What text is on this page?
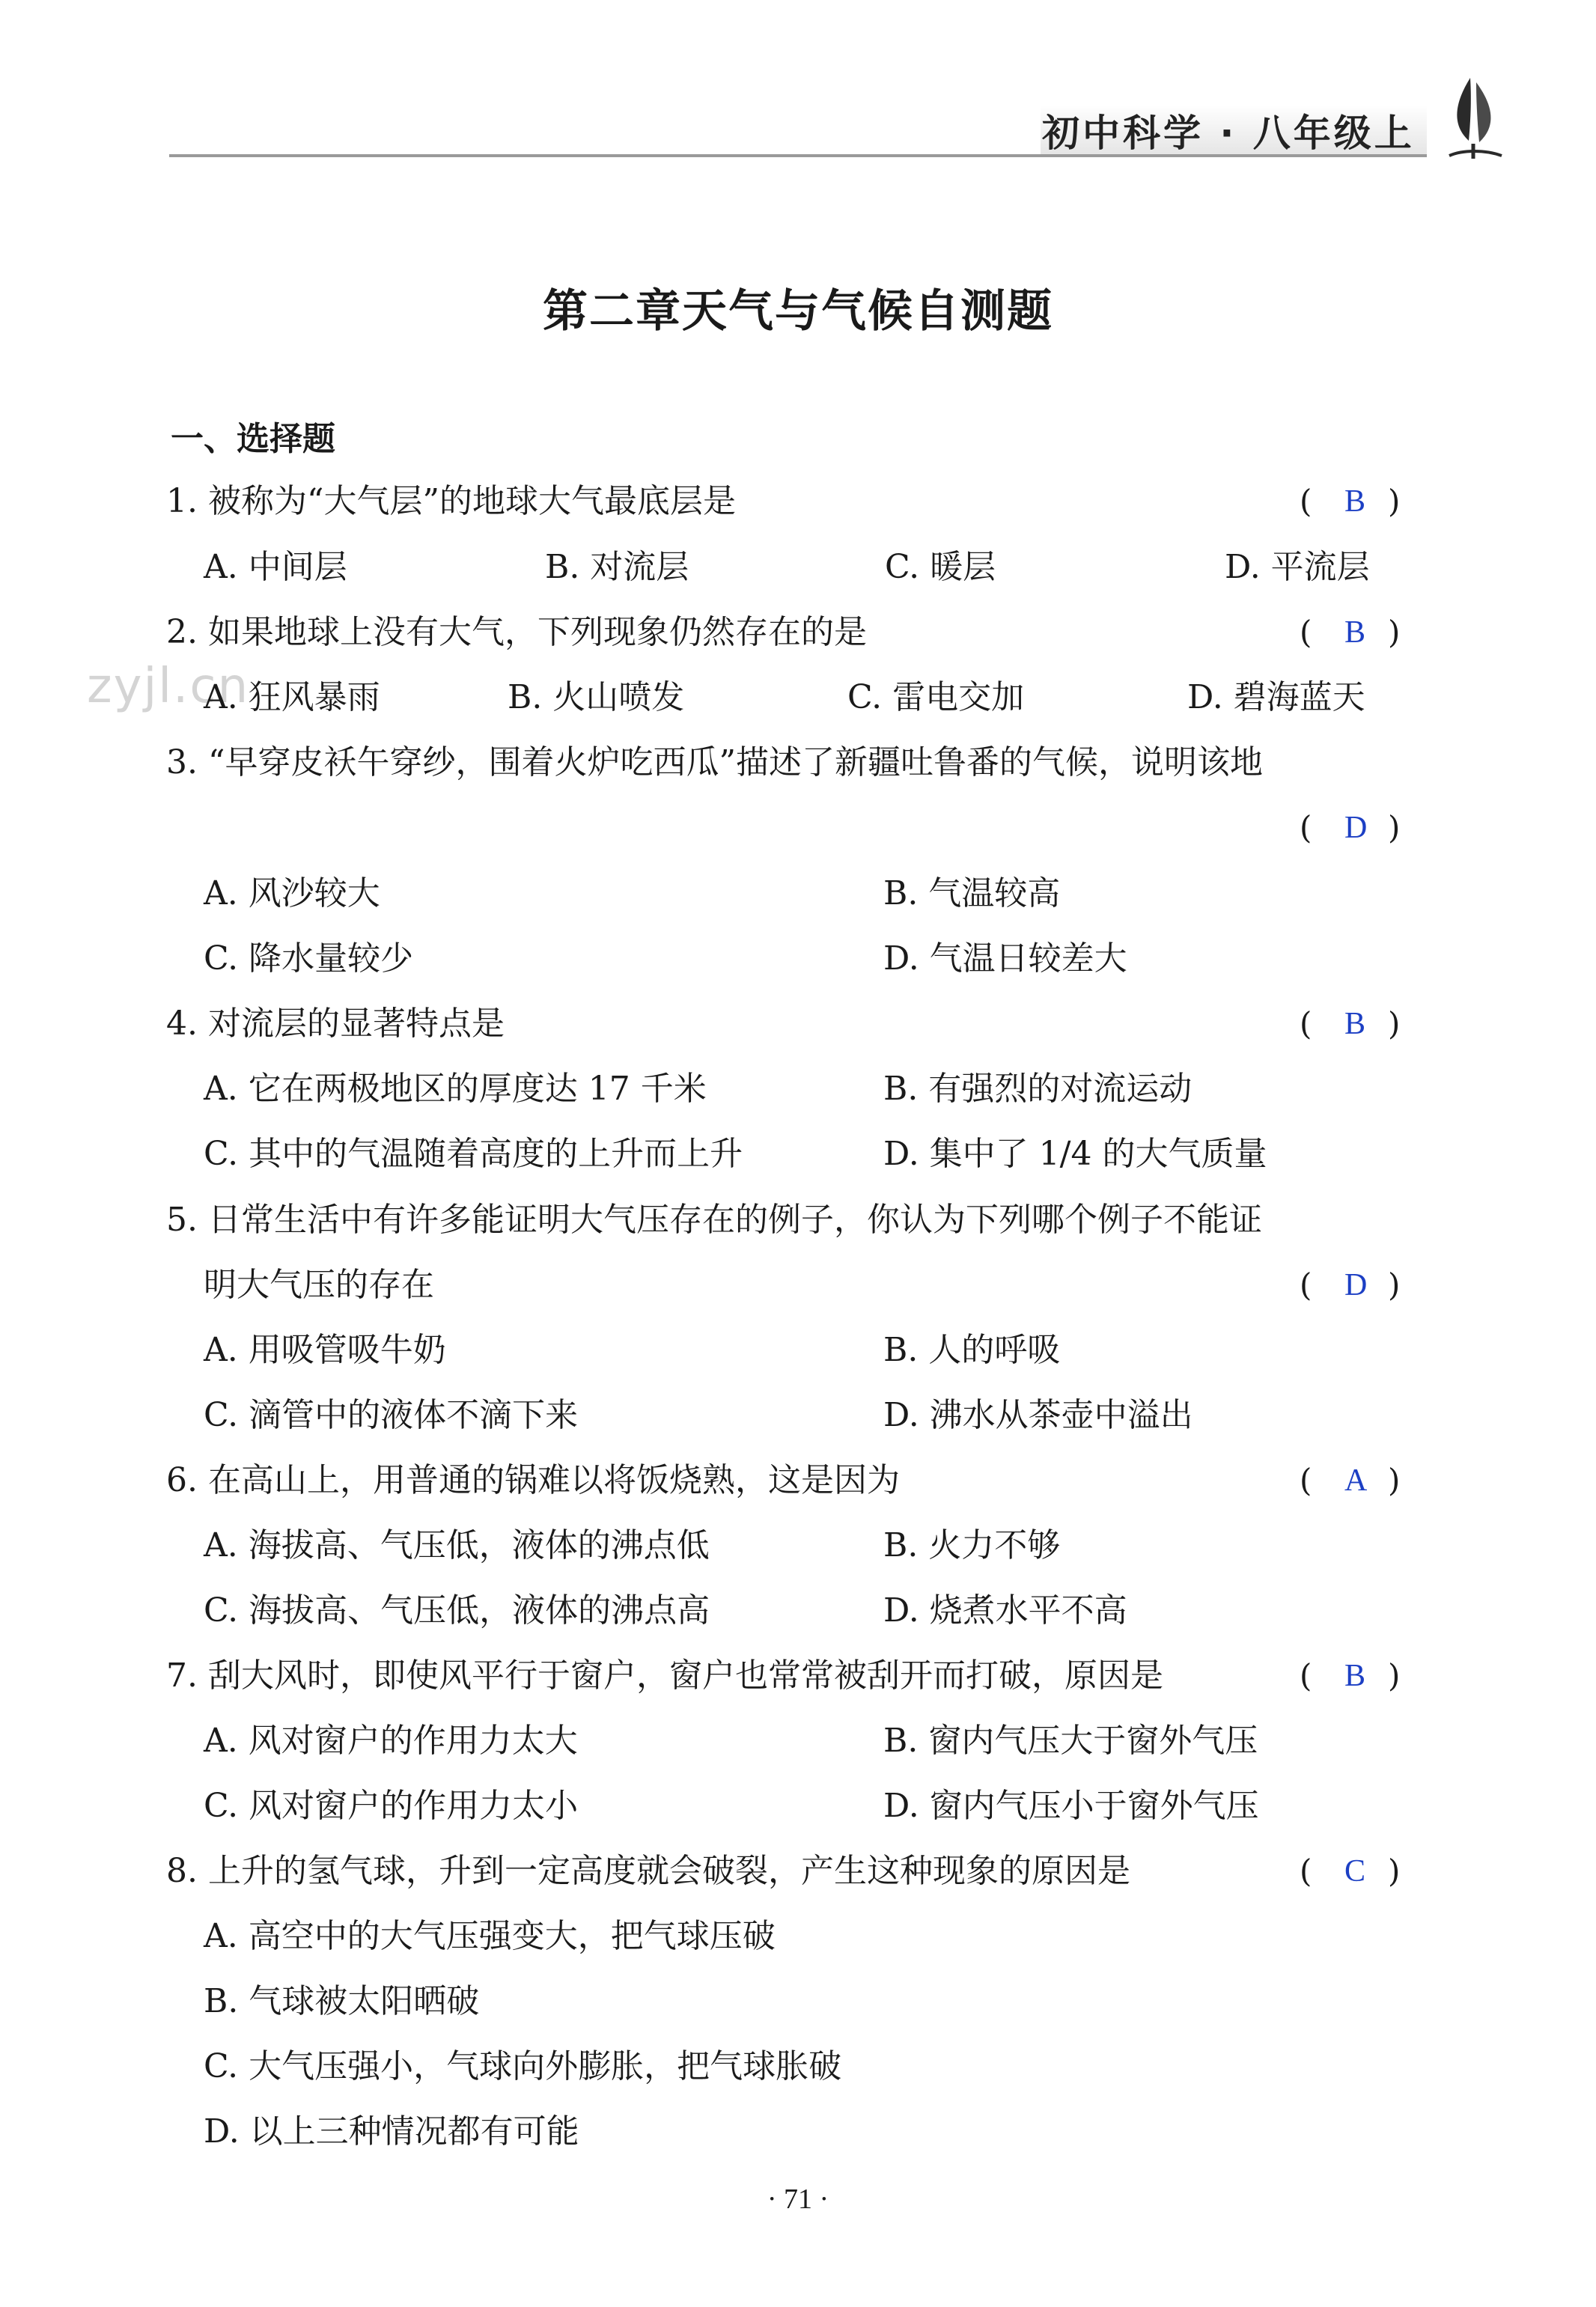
初中科学 · 八年级上
第二章天气与气候自测题
一、选择题
zyjl.cn
1. 被称为“大气层”的地球大气最底层是	( B )
A. 中间层	B. 对流层	C. 暖层	D. 平流层
2. 如果地球上没有大气，下列现象仍然存在的是	( B )
A. 狂风暴雨	B. 火山喷发	C. 雷电交加	D. 碧海蓝天
3. “早穿皮袄午穿纱，围着火炉吃西瓜”描述了新疆吐鲁番的气候，说明该地
( D )
A. 风沙较大	B. 气温较高
C. 降水量较少	D. 气温日较差大
4. 对流层的显著特点是	( B )
A. 它在两极地区的厚度达 17 千米	B. 有强烈的对流运动
C. 其中的气温随着高度的上升而上升	D. 集中了 1/4 的大气质量
5. 日常生活中有许多能证明大气压存在的例子，你认为下列哪个例子不能证
明大气压的存在	( D )
A. 用吸管吸牛奶	B. 人的呼吸
C. 滴管中的液体不滴下来	D. 沸水从茶壶中溢出
6. 在高山上，用普通的锅难以将饭烧熟，这是因为	( A )
A. 海拔高、气压低，液体的沸点低	B. 火力不够
C. 海拔高、气压低，液体的沸点高	D. 烧煮水平不高
7. 刮大风时，即使风平行于窗户，窗户也常常被刮开而打破，原因是	( B )
A. 风对窗户的作用力太大	B. 窗内气压大于窗外气压
C. 风对窗户的作用力太小	D. 窗内气压小于窗外气压
8. 上升的氢气球，升到一定高度就会破裂，产生这种现象的原因是	( C )
A. 高空中的大气压强变大，把气球压破
B. 气球被太阳晒破
C. 大气压强小，气球向外膨胀，把气球胀破
D. 以上三种情况都有可能
· 71 ·
